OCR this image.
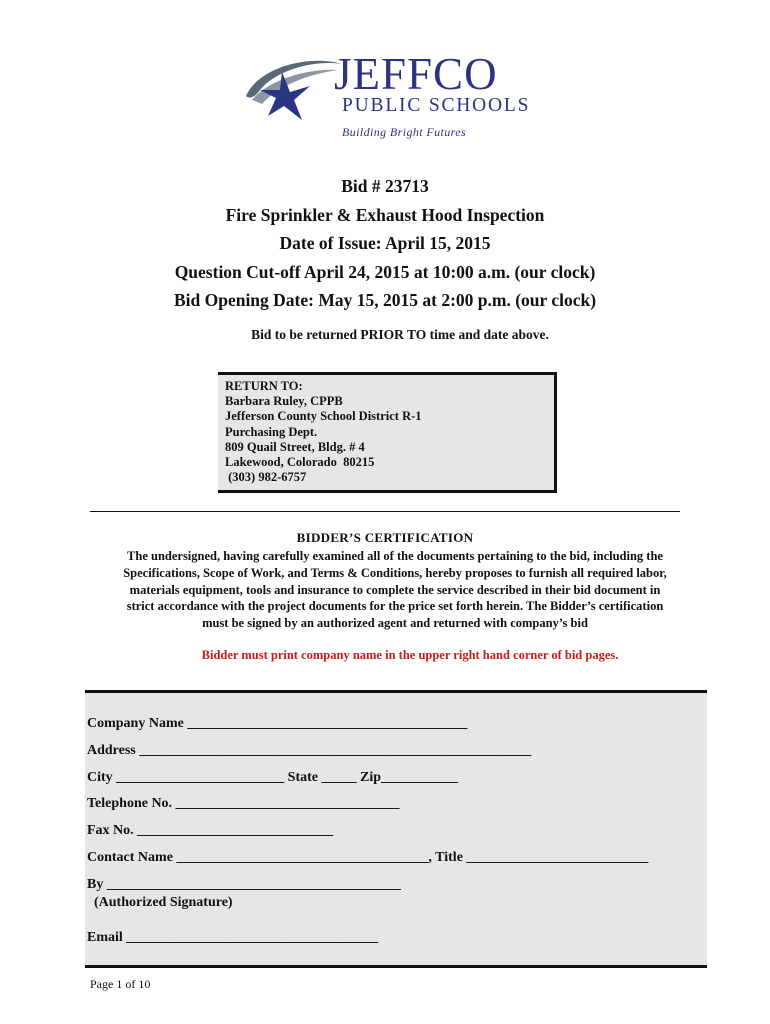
JEFFCO
PUBLIC SCHOOLS
Building Bright Futures
Bid # 23713
Fire Sprinkler & Exhaust Hood Inspection
Date of Issue: April 15, 2015
Question Cut-off April 24, 2015 at 10:00 a.m. (our clock)
Bid Opening Date: May 15, 2015 at 2:00 p.m. (our clock)
Bid to be returned PRIOR TO time and date above.
RETURN TO:
Barbara Ruley, CPPB
Jefferson County School District R-1
Purchasing Dept.
809 Quail Street, Bldg. # 4
Lakewood, Colorado  80215
(303) 982-6757
BIDDER’S CERTIFICATION
The undersigned, having carefully examined all of the documents pertaining to the bid, including the
Specifications, Scope of Work, and Terms & Conditions, hereby proposes to furnish all required labor,
materials equipment, tools and insurance to complete the service described in their bid document in
strict accordance with the project documents for the price set forth herein. The Bidder’s certification
must be signed by an authorized agent and returned with company’s bid
Bidder must print company name in the upper right hand corner of bid pages.
Company Name ________________________________________
Address ________________________________________________________
City ________________________ State _____ Zip___________
Telephone No. ________________________________
Fax No. ____________________________
Contact Name ____________________________________, Title __________________________
By __________________________________________
(Authorized Signature)
Email ____________________________________
Page 1 of 10
